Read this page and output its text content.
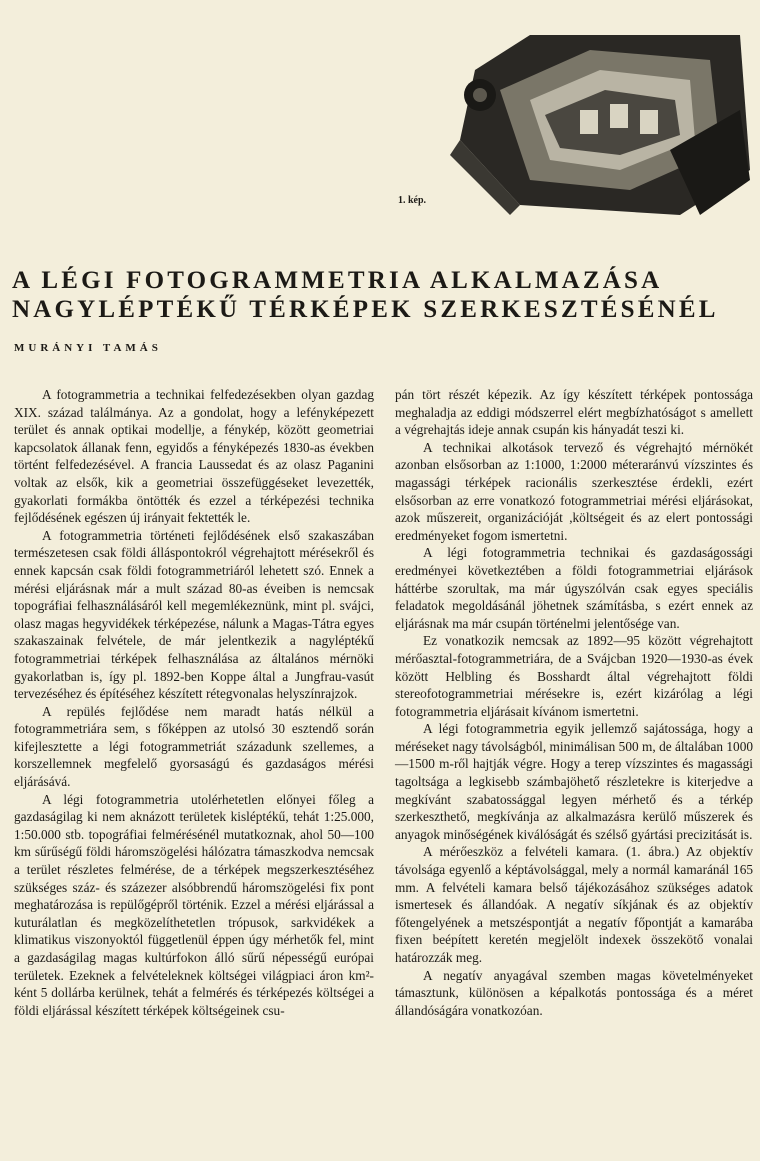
1. kép.
A LÉGI FOTOGRAMMETRIA ALKALMAZÁSA
NAGYLÉPTÉKŰ TÉRKÉPEK SZERKESZTÉSÉNÉL
MURÁNYI TAMÁS

A fotogrammetria a technikai felfedezésekben olyan gazdag XIX. század találmánya. Az a gondolat, hogy a lefényképezett terület és annak optikai modellje, a fénykép, között geometriai kapcsolatok állanak fenn, egyidős a fényképezés 1830-as években történt felfedezésével. A francia Laussedat és az olasz Paganini voltak az elsők, kik a geometriai összefüggéseket levezették, gyakorlati formákba öntötték és ezzel a térképezési technika fejlődésének egészen új irányait fektették le.

A fotogrammetria történeti fejlődésének első szakaszában természetesen csak földi álláspontokról végrehajtott mérésekről és ennek kapcsán csak földi fotogrammetriáról lehetett szó. Ennek a mérési eljárásnak már a mult század 80-as éveiben is nemcsak topográfiai felhasználásáról kell megemlékeznünk, mint pl. svájci, olasz magas hegyvidékek térképezése, nálunk a Magas-Tátra egyes szakaszainak felvétele, de már jelentkezik a nagyléptékű fotogrammetriai térképek felhasználása az általános mérnöki gyakorlatban is, így pl. 1892-ben Koppe által a Jungfrau-vasút tervezéséhez és építéséhez készített rétegvonalas helyszínrajzok.

A repülés fejlődése nem maradt hatás nélkül a fotogrammetriára sem, s főképpen az utolsó 30 esztendő során kifejlesztette a légi fotogrammetriát századunk szellemes, a korszellemnek megfelelő gyorsaságú és gazdaságos mérési eljárásává.

A légi fotogrammetria utolérhetetlen előnyei főleg a gazdaságilag ki nem aknázott területek kisléptékű, tehát 1:25.000, 1:50.000 stb. topográfiai felmérésénél mutatkoznak, ahol 50—100 km sűrűségű földi háromszögelési hálózatra támaszkodva nemcsak a terület részletes felmérése, de a térképek megszerkesztéséhez szükséges száz- és százezer alsóbbrendű háromszögelési fix pont meghatározása is repülőgépről történik. Ezzel a mérési eljárással a kuturálatlan és megközelíthetetlen trópusok, sarkvidékek a klimatikus viszonyoktól függetlenül éppen úgy mérhetők fel, mint a gazdaságilag magas kultúrfokon álló sűrű népességű európai területek. Ezeknek a felvételeknek költségei világpiaci áron km²-ként 5 dollárba kerülnek, tehát a felmérés és térképezés költségei a földi eljárással készített térképek költségeinek csu-

pán tört részét képezik. Az így készített térképek pontossága meghaladja az eddigi módszerrel elért megbízhatóságot s amellett a végrehajtás ideje annak csupán kis hányadát teszi ki.

A technikai alkotások tervező és végrehajtó mérnökét azonban elsősorban az 1:1000, 1:2000 méteraránvú vízszintes és magassági térképek racionális szerkesztése érdekli, ezért elsősorban az erre vonatkozó fotogrammetriai mérési eljárásokat, azok műszereit, organizációját ,költségeit és az elert pontossági eredményeket fogom ismertetni.

A légi fotogrammetria technikai és gazdaságossági eredményei következtében a földi fotogrammetriai eljárások háttérbe szorultak, ma már úgyszólván csak egyes speciális feladatok megoldásánál jöhetnek számításba, s ezért ennek az eljárásnak ma már csupán történelmi jelentősége van.

Ez vonatkozik nemcsak az 1892—95 között végrehajtott mérőasztal-fotogrammetriára, de a Svájcban 1920—1930-as évek között Helbling és Bosshardt által végrehajtott földi stereofotogrammetriai mérésekre is, ezért kizárólag a légi fotogrammetria eljárásait kívánom ismertetni.

A légi fotogrammetria egyik jellemző sajátossága, hogy a méréseket nagy távolságból, minimálisan 500 m, de általában 1000—1500 m-ről hajtják végre. Hogy a terep vízszintes és magassági tagoltsága a legkisebb számbajöhető részletekre is kiterjedve a megkívánt szabatossággal legyen mérhető és a térkép szerkeszthető, megkívánja az alkalmazásra kerülő műszerek és anyagok minőségének kiválóságát és szélső gyártási precizitását is.

A mérőeszköz a felvételi kamara. (1. ábra.) Az objektív távolsága egyenlő a képtávolsággal, mely a normál kamaránál 165 mm. A felvételi kamara belső tájékozásához szükséges adatok ismertesek és állandóak. A negatív síkjának és az objektív főtengelyének a metszéspontját a negatív főpontját a kamarába fixen beépített keretén megjelölt indexek összekötő vonalai határozzák meg.

A negatív anyagával szemben magas követelményeket támasztunk, különösen a képalkotás pontossága és a méret állandóságára vonatkozóan.
